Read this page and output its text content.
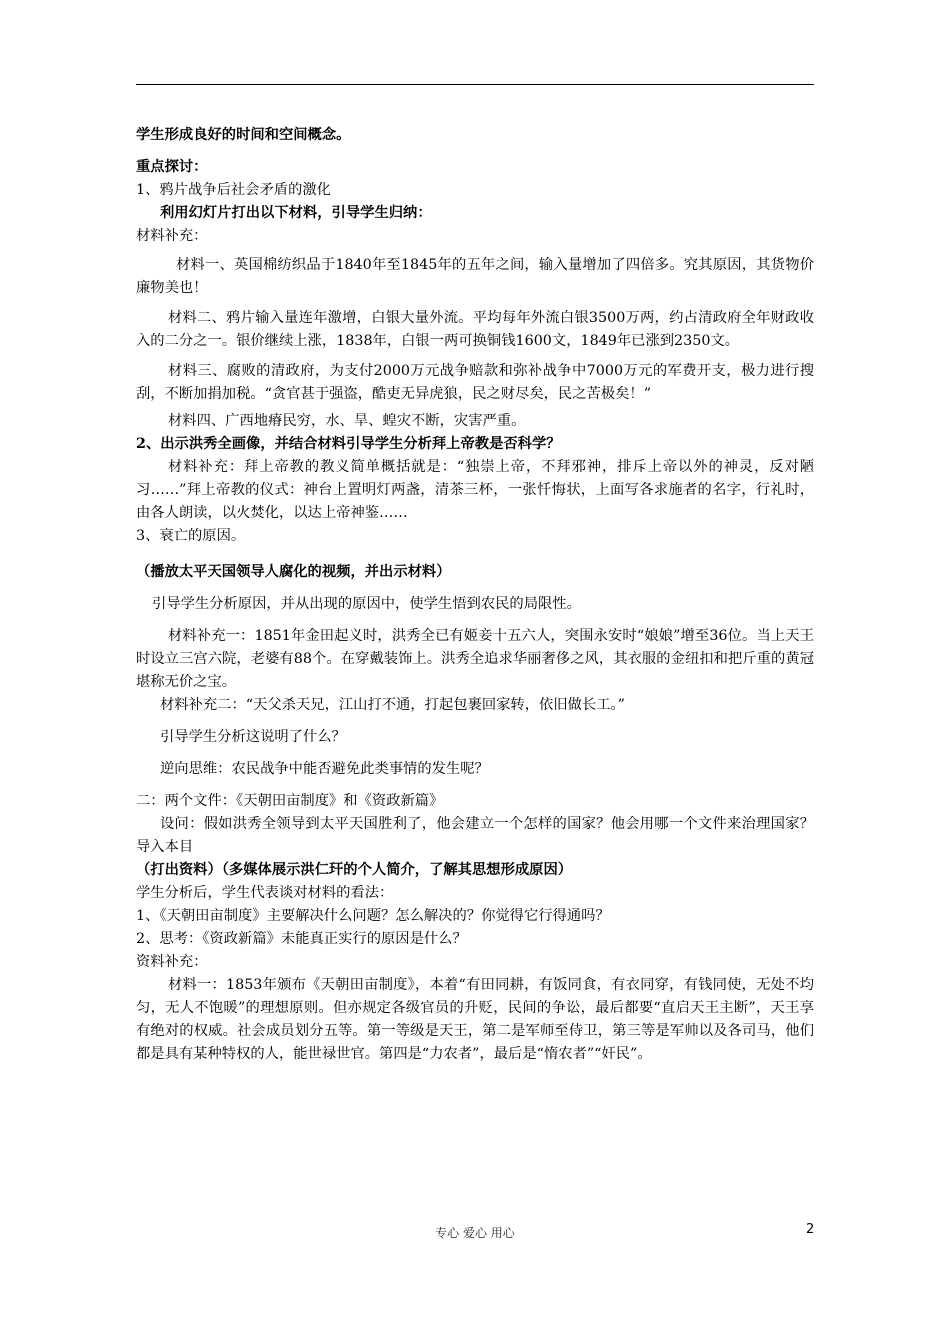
学生形成良好的时间和空间概念。

重点探讨：

1、鸦片战争后社会矛盾的激化

利用幻灯片打出以下材料，引导学生归纳：

材料补充：

材料一、英国棉纺织品于1840年至1845年的五年之间，输入量增加了四倍多。究其原因，其货物价廉物美也！

材料二、鸦片输入量连年激增，白银大量外流。平均每年外流白银3500万两，约占清政府全年财政收入的二分之一。银价继续上涨，1838年，白银一两可换铜钱1600文，1849年已涨到2350文。

材料三、腐败的清政府，为支付2000万元战争赔款和弥补战争中7000万元的军费开支，极力进行搜刮，不断加捐加税。“贪官甚于强盗，酷吏无异虎狼，民之财尽矣，民之苦极矣！”

材料四、广西地瘠民穷，水、旱、蝗灾不断，灾害严重。

2、出示洪秀全画像，并结合材料引导学生分析拜上帝教是否科学？

材料补充：拜上帝教的教义简单概括就是：“独崇上帝，不拜邪神，排斥上帝以外的神灵，反对陋习……”拜上帝教的仪式：神台上置明灯两盏，清茶三杯，一张忏悔状，上面写各求施者的名字，行礼时，由各人朗读，以火焚化，以达上帝神鉴……

3、衰亡的原因。

（播放太平天国领导人腐化的视频，并出示材料）

引导学生分析原因，并从出现的原因中，使学生悟到农民的局限性。

材料补充一：1851年金田起义时，洪秀全已有姬妾十五六人，突围永安时“娘娘”增至36位。当上天王时设立三宫六院，老婆有88个。在穿戴装饰上。洪秀全追求华丽奢侈之风，其衣服的金纽扣和把斤重的黄冠堪称无价之宝。

材料补充二：“天父杀天兄，江山打不通，打起包裹回家转，依旧做长工。”

引导学生分析这说明了什么？

逆向思维：农民战争中能否避免此类事情的发生呢？

二：两个文件：《天朝田亩制度》和《资政新篇》

设问：假如洪秀全领导到太平天国胜利了，他会建立一个怎样的国家？他会用哪一个文件来治理国家？导入本目

（打出资料）（多媒体展示洪仁玕的个人简介，了解其思想形成原因）

学生分析后，学生代表谈对材料的看法：

1、《天朝田亩制度》主要解决什么问题？怎么解决的？你觉得它行得通吗？

2、思考：《资政新篇》未能真正实行的原因是什么？

资料补充：

材料一：1853年颁布《天朝田亩制度》，本着“有田同耕，有饭同食，有衣同穿，有钱同使，无处不均匀，无人不饱暖”的理想原则。但亦规定各级官员的升贬，民间的争讼，最后都要“直启天王主断”，天王享有绝对的权威。社会成员划分五等。第一等级是天王，第二是军师至侍卫，第三等是军帅以及各司马，他们都是具有某种特权的人，能世禄世官。第四是“力农者”，最后是“惰农者”“奸民”。

专心 爱心 用心	2
